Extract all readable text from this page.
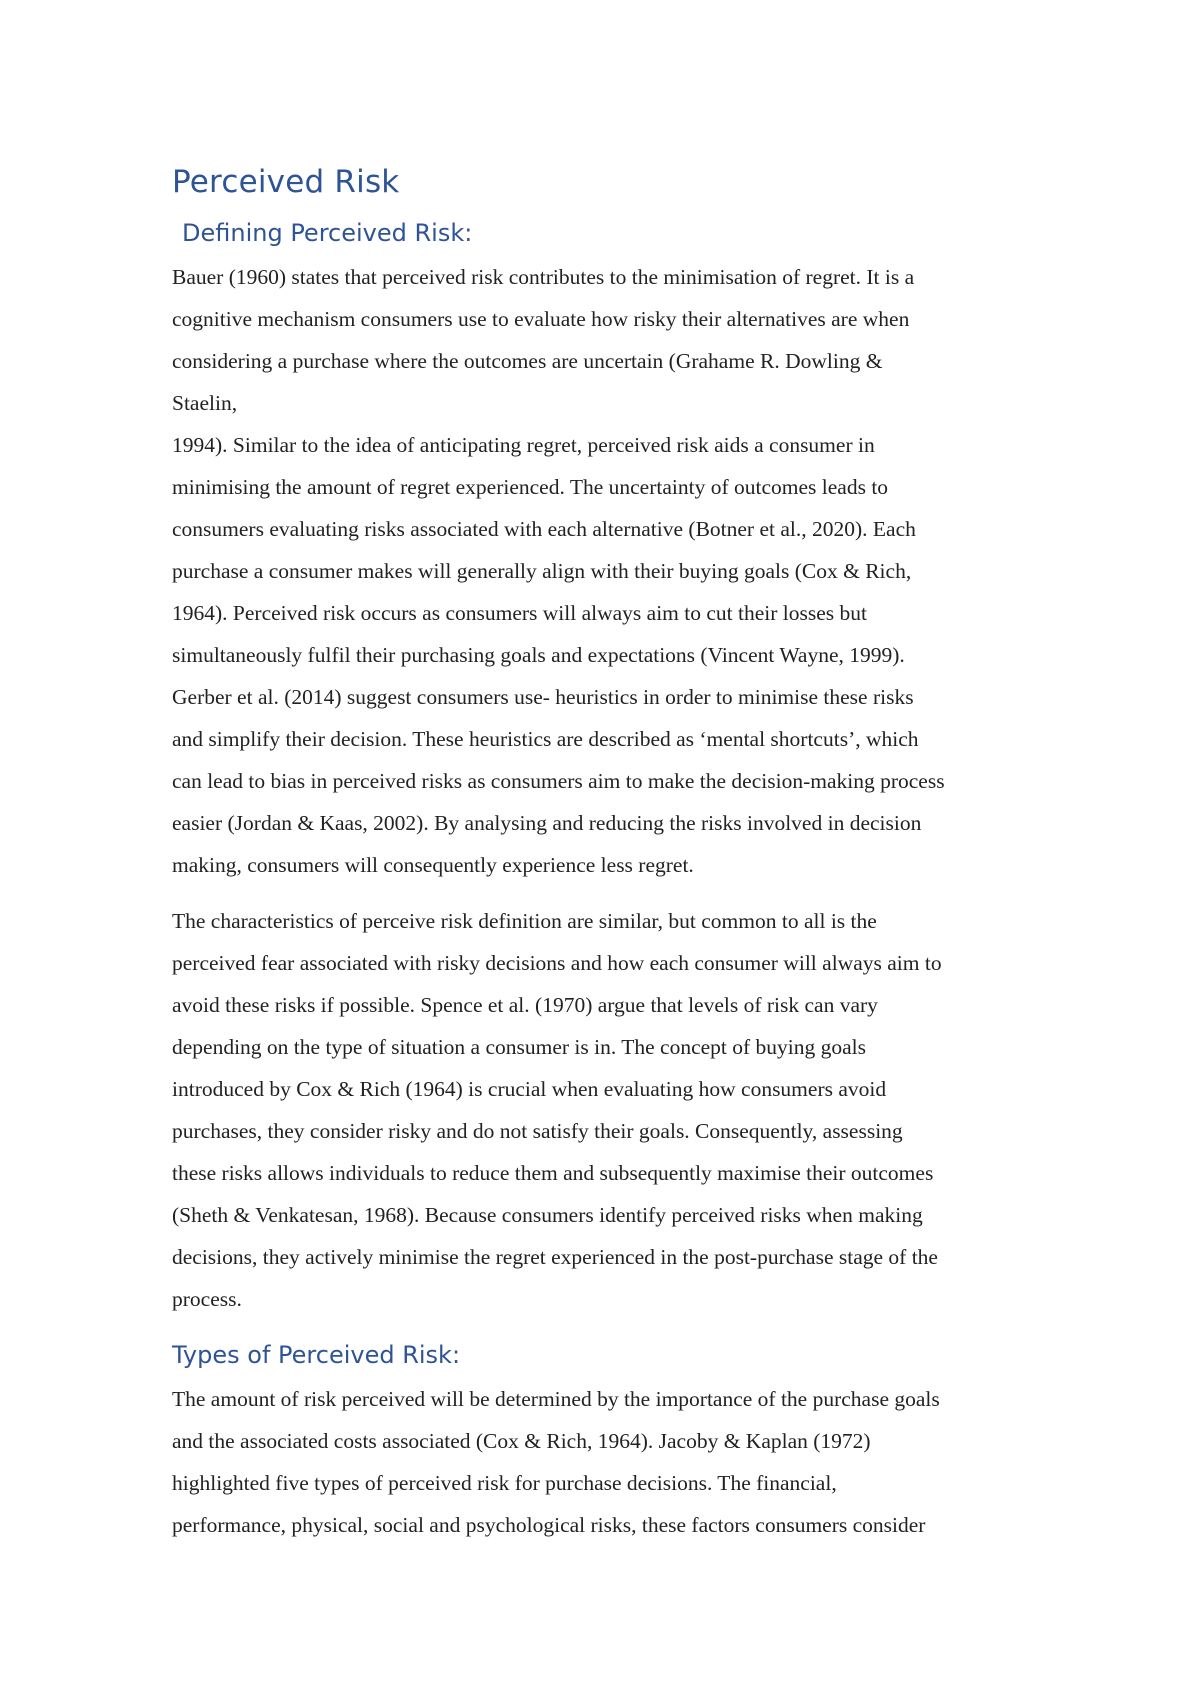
Perceived Risk
Defining Perceived Risk:

Bauer (1960) states that perceived risk contributes to the minimisation of regret. It is a
cognitive mechanism consumers use to evaluate how risky their alternatives are when
considering a purchase where the outcomes are uncertain (Grahame R. Dowling &
Staelin,
1994). Similar to the idea of anticipating regret, perceived risk aids a consumer in
minimising the amount of regret experienced. The uncertainty of outcomes leads to
consumers evaluating risks associated with each alternative (Botner et al., 2020). Each
purchase a consumer makes will generally align with their buying goals (Cox & Rich,
1964). Perceived risk occurs as consumers will always aim to cut their losses but
simultaneously fulfil their purchasing goals and expectations (Vincent Wayne, 1999).
Gerber et al. (2014) suggest consumers use- heuristics in order to minimise these risks
and simplify their decision. These heuristics are described as ‘mental shortcuts’, which
can lead to bias in perceived risks as consumers aim to make the decision-making process
easier (Jordan & Kaas, 2002). By analysing and reducing the risks involved in decision
making, consumers will consequently experience less regret.

The characteristics of perceive risk definition are similar, but common to all is the
perceived fear associated with risky decisions and how each consumer will always aim to
avoid these risks if possible. Spence et al. (1970) argue that levels of risk can vary
depending on the type of situation a consumer is in. The concept of buying goals
introduced by Cox & Rich (1964) is crucial when evaluating how consumers avoid
purchases, they consider risky and do not satisfy their goals. Consequently, assessing
these risks allows individuals to reduce them and subsequently maximise their outcomes
(Sheth & Venkatesan, 1968). Because consumers identify perceived risks when making
decisions, they actively minimise the regret experienced in the post-purchase stage of the
process.

Types of Perceived Risk:

The amount of risk perceived will be determined by the importance of the purchase goals
and the associated costs associated (Cox & Rich, 1964). Jacoby & Kaplan (1972)
highlighted five types of perceived risk for purchase decisions. The financial,
performance, physical, social and psychological risks, these factors consumers consider
